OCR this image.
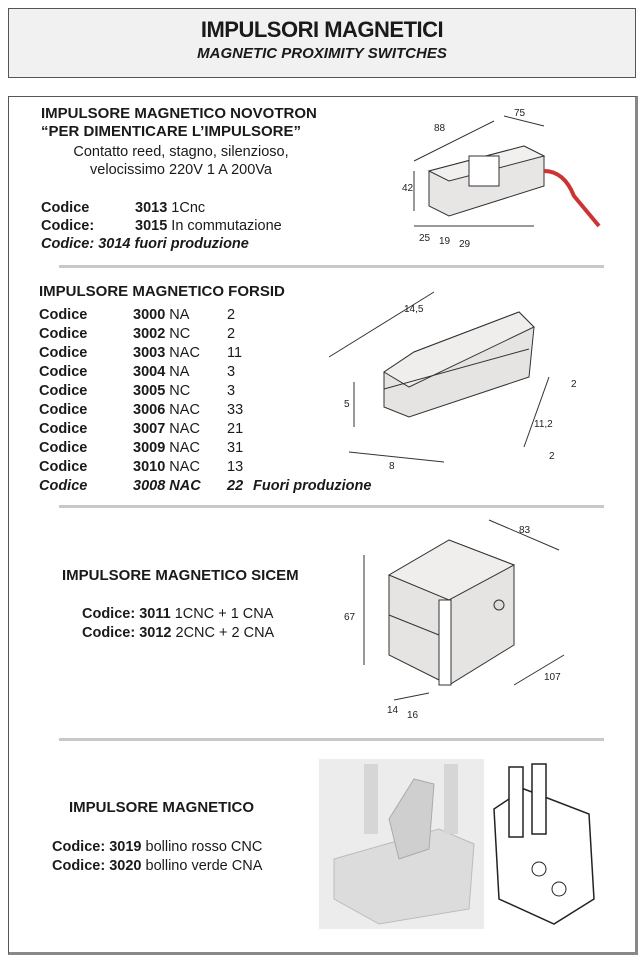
IMPULSORI MAGNETICI
MAGNETIC PROXIMITY SWITCHES
IMPULSORE MAGNETICO NOVOTRON
“PER DIMENTICARE L’IMPULSORE”
Contatto reed, stagno, silenzioso,
velocissimo 220V 1 A 200Va
Codice	3013 1Cnc
Codice:	3015 In commutazione
Codice: 3014 fuori produzione
88
75
42
25 19 29
IMPULSORE MAGNETICO FORSID
Codice	3000 NA	2
Codice	3002 NC	2
Codice	3003 NAC 11
Codice	3004 NA	3
Codice	3005 NC	3
Codice	3006 NAC 33
Codice	3007 NAC 21
Codice	3009 NAC 31
Codice	3010 NAC 13
Codice	3008 NAC 22 Fuori produzione
14,5
5
8
11,2
2
2
IMPULSORE MAGNETICO SICEM
Codice: 3011 1CNC + 1 CNA
Codice: 3012 2CNC + 2 CNA
83
67
107
14 16
IMPULSORE MAGNETICO
Codice: 3019 bollino rosso CNC
Codice: 3020 bollino verde CNA
